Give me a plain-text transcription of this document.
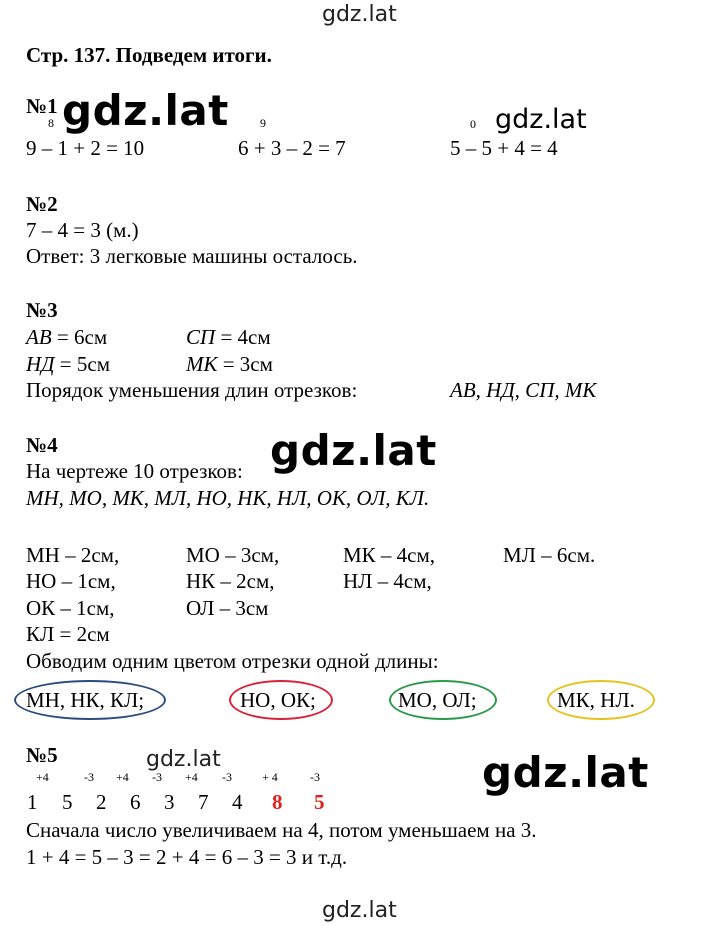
gdz.lat
Стр. 137. Подведем итоги.
№1 gdz.lat
8
9 – 1 + 2 = 10
9
6 + 3 – 2 = 7
0 gdz.lat
5 – 5 + 4 = 4
№2
7 – 4 = 3 (м.)
Ответ: 3 легковые машины осталось.
№3
АВ = 6см	СП = 4см
НД = 5см	МК = 3см
Порядок уменьшения длин отрезков:	АВ, НД, СП, МК
№4
На чертеже 10 отрезков: gdz.lat
МН, МО, МК, МЛ, НО, НК, НЛ, ОК, ОЛ, КЛ.
МН – 2см,	МО – 3см,	МК – 4см,	МЛ – 6см.
НО – 1см,	НК – 2см,	НЛ – 4см,
ОК – 1см,	ОЛ – 3см
КЛ = 2см
Обводим одним цветом отрезки одной длины:
МН, НК, КЛ;	НО, ОК;	МО, ОЛ;	МК, НЛ.
№5	gdz.lat	gdz.lat
+4	-3 +4 -3 +4 -3	+ 4	-3
1 5 2 6 3 7 4 8 5
Сначала число увеличиваем на 4, потом уменьшаем на 3.
1 + 4 = 5 – 3 = 2 + 4 = 6 – 3 = 3 и т.д.
gdz.lat
